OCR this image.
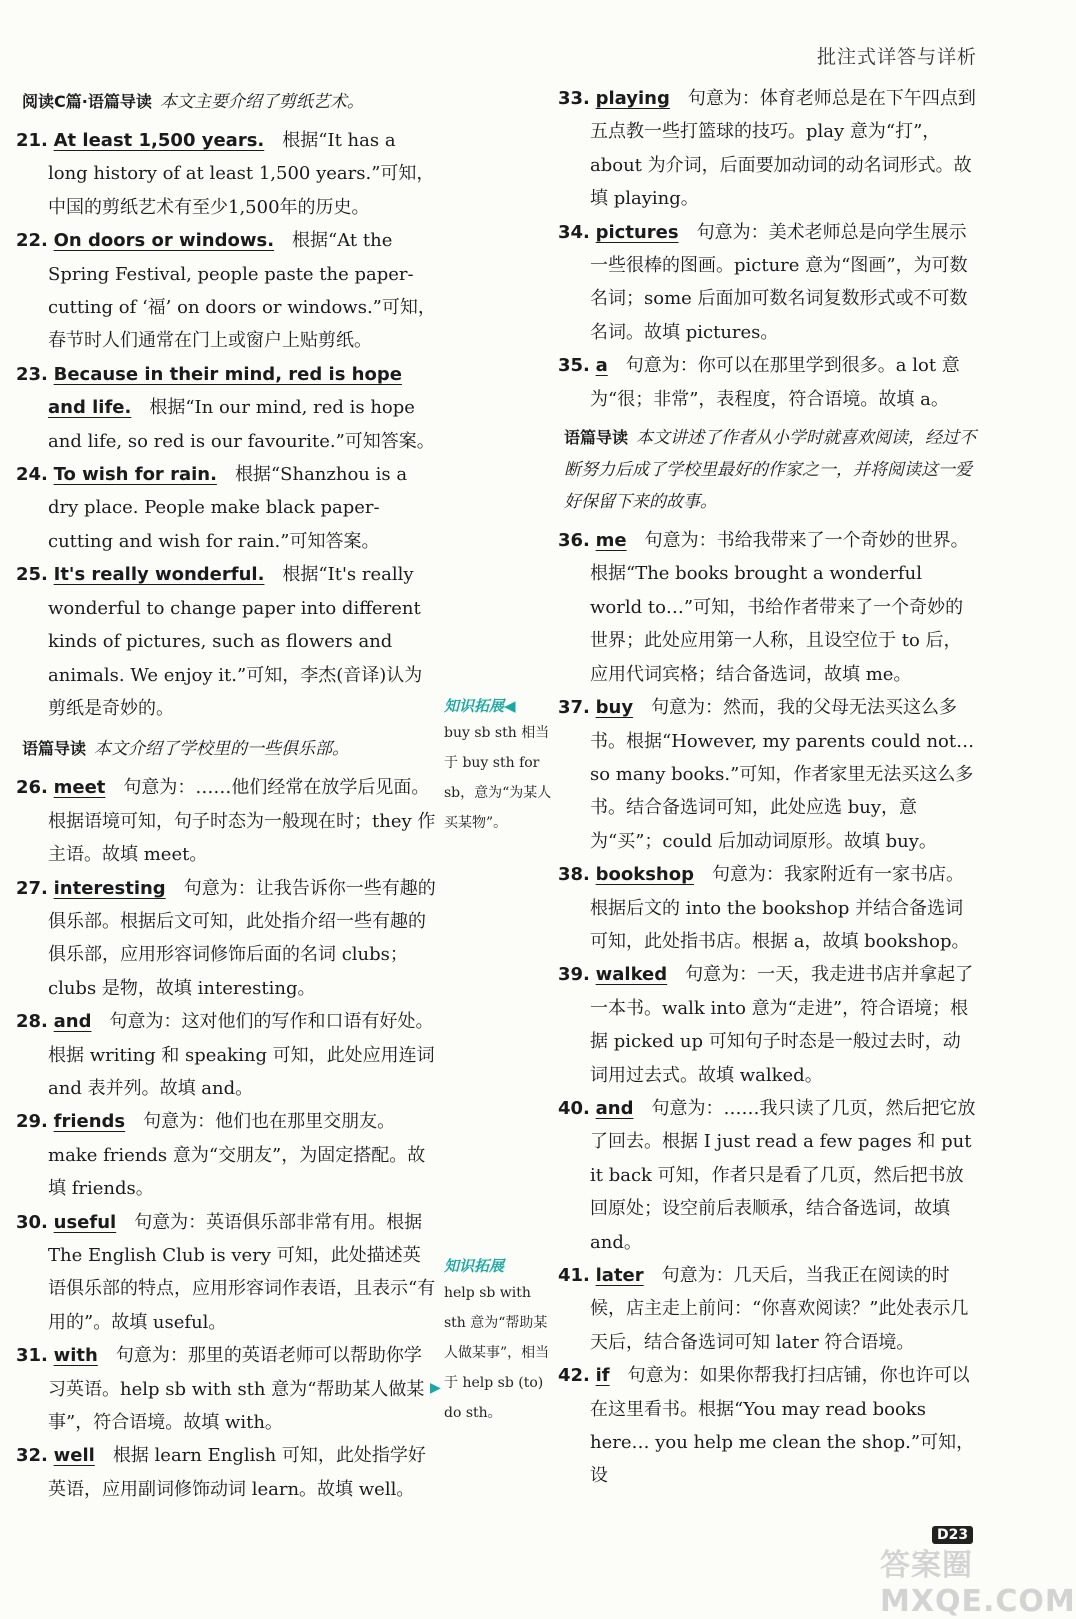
批注式详答与详析
阅读C篇·语篇导读 本文主要介绍了剪纸艺术。
21. At least 1,500 years. 根据“It has a long history of at least 1,500 years.”可知，中国的剪纸艺术有至少1,500年的历史。
22. On doors or windows. 根据“At the Spring Festival, people paste the paper-cutting of ‘福’ on doors or windows.”可知，春节时人们通常在门上或窗户上贴剪纸。
23. Because in their mind, red is hope and life. 根据“In our mind, red is hope and life, so red is our favourite.”可知答案。
24. To wish for rain. 根据“Shanzhou is a dry place. People make black paper-cutting and wish for rain.”可知答案。
25. It's really wonderful. 根据“It's really wonderful to change paper into different kinds of pictures, such as flowers and animals. We enjoy it.”可知，李杰(音译)认为剪纸是奇妙的。
语篇导读 本文介绍了学校里的一些俱乐部。
26. meet 句意为：……他们经常在放学后见面。根据语境可知，句子时态为一般现在时；they 作主语。故填 meet。
27. interesting 句意为：让我告诉你一些有趣的俱乐部。根据后文可知，此处指介绍一些有趣的俱乐部，应用形容词修饰后面的名词 clubs；clubs 是物，故填 interesting。
28. and 句意为：这对他们的写作和口语有好处。根据 writing 和 speaking 可知，此处应用连词 and 表并列。故填 and。
29. friends 句意为：他们也在那里交朋友。make friends 意为“交朋友”，为固定搭配。故填 friends。
30. useful 句意为：英语俱乐部非常有用。根据 The English Club is very 可知，此处描述英语俱乐部的特点，应用形容词作表语，且表示“有用的”。故填 useful。
31. with 句意为：那里的英语老师可以帮助你学习英语。help sb with sth 意为“帮助某人做某事”，符合语境。故填 with。
32. well 根据 learn English 可知，此处指学好英语，应用副词修饰动词 learn。故填 well。
知识拓展◀
buy sb sth 相当于 buy sth for sb，意为“为某人买某物”。
知识拓展
help sb with sth 意为“帮助某人做某事”，相当于 help sb (to) do sth。
▶
33. playing 句意为：体育老师总是在下午四点到五点教一些打篮球的技巧。play 意为“打”，about 为介词，后面要加动词的动名词形式。故填 playing。
34. pictures 句意为：美术老师总是向学生展示一些很棒的图画。picture 意为“图画”，为可数名词；some 后面加可数名词复数形式或不可数名词。故填 pictures。
35. a 句意为：你可以在那里学到很多。a lot 意为“很；非常”，表程度，符合语境。故填 a。
语篇导读 本文讲述了作者从小学时就喜欢阅读，经过不断努力后成了学校里最好的作家之一，并将阅读这一爱好保留下来的故事。
36. me 句意为：书给我带来了一个奇妙的世界。根据“The books brought a wonderful world to…”可知，书给作者带来了一个奇妙的世界；此处应用第一人称，且设空位于 to 后，应用代词宾格；结合备选词，故填 me。
37. buy 句意为：然而，我的父母无法买这么多书。根据“However, my parents could not… so many books.”可知，作者家里无法买这么多书。结合备选词可知，此处应选 buy，意为“买”；could 后加动词原形。故填 buy。
38. bookshop 句意为：我家附近有一家书店。根据后文的 into the bookshop 并结合备选词可知，此处指书店。根据 a，故填 bookshop。
39. walked 句意为：一天，我走进书店并拿起了一本书。walk into 意为“走进”，符合语境；根据 picked up 可知句子时态是一般过去时，动词用过去式。故填 walked。
40. and 句意为：……我只读了几页，然后把它放了回去。根据 I just read a few pages 和 put it back 可知，作者只是看了几页，然后把书放回原处；设空前后表顺承，结合备选词，故填 and。
41. later 句意为：几天后，当我正在阅读的时候，店主走上前问：“你喜欢阅读？”此处表示几天后，结合备选词可知 later 符合语境。
42. if 句意为：如果你帮我打扫店铺，你也许可以在这里看书。根据“You may read books here… you help me clean the shop.”可知，设
D23
答案圈 MXQE.COM
